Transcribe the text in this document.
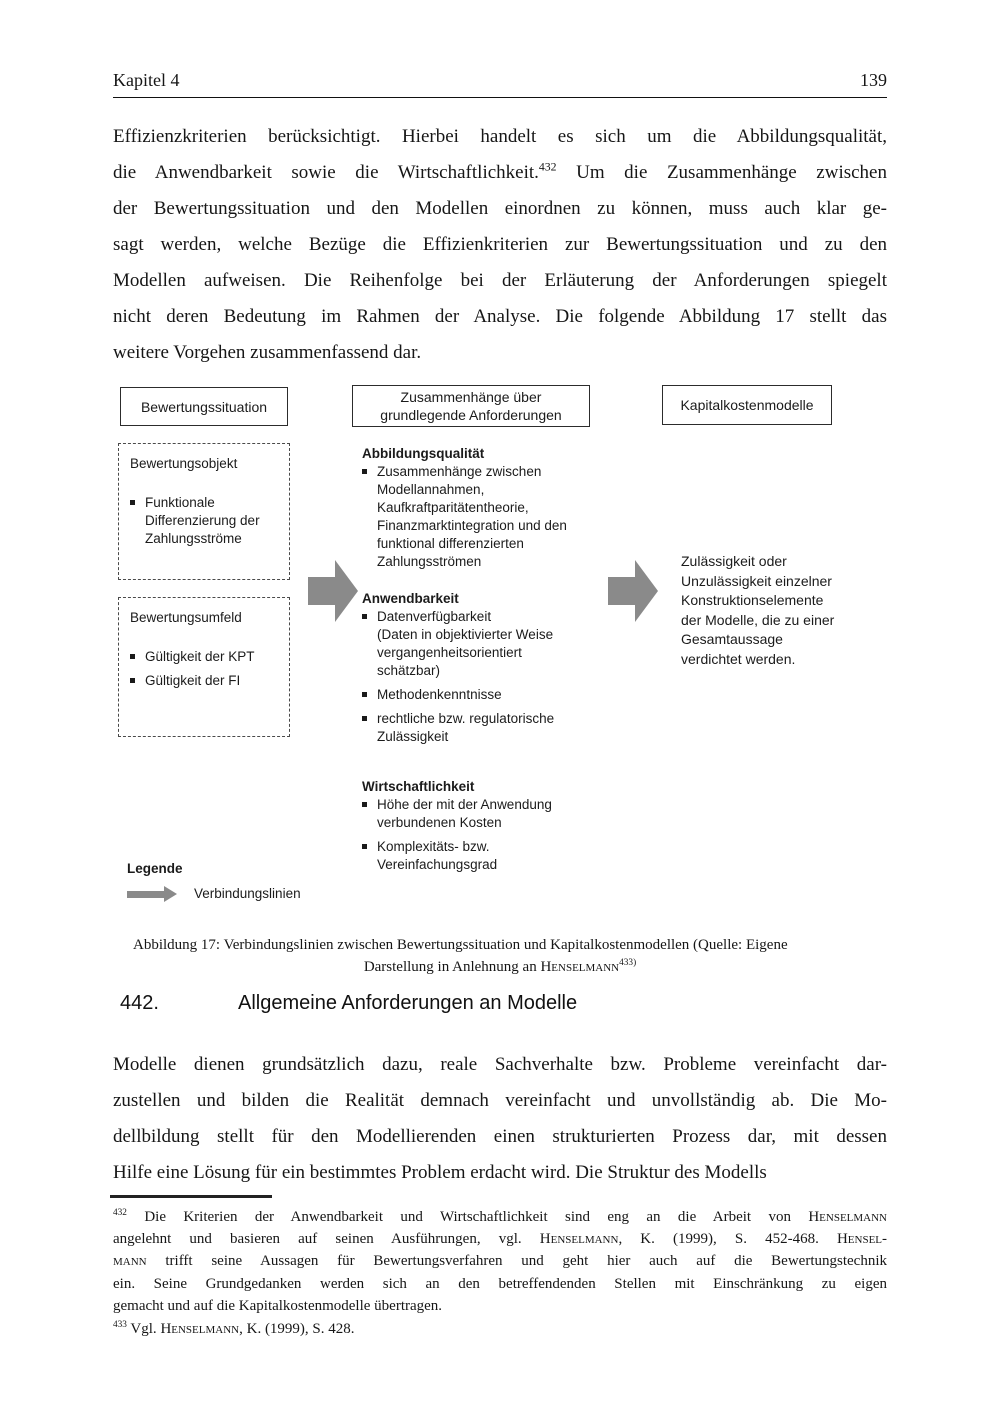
Kapitel 4	139
Effizienzkriterien berücksichtigt. Hierbei handelt es sich um die Abbildungsqualität,
die Anwendbarkeit sowie die Wirtschaftlichkeit.$^{432}$ Um die Zusammenhänge zwischen
der Bewertungssituation und den Modellen einordnen zu können, muss auch klar ge-
sagt werden, welche Bezüge die Effizienkriterien zur Bewertungssituation und zu den
Modellen aufweisen. Die Reihenfolge bei der Erläuterung der Anforderungen spiegelt
nicht deren Bedeutung im Rahmen der Analyse. Die folgende Abbildung 17 stellt das
weitere Vorgehen zusammenfassend dar.
Bewertungssituation
Zusammenhänge über
grundlegende Anforderungen
Kapitalkostenmodelle
Bewertungsobjekt
Funktionale
Differenzierung der
Zahlungsströme
Bewertungsumfeld
Gültigkeit der KPT
Gültigkeit der FI
Abbildungsqualität
Zusammenhänge zwischen
Modellannahmen,
Kaufkraftparitätentheorie,
Finanzmarktintegration und den
funktional differenzierten
Zahlungsströmen
Anwendbarkeit
Datenverfügbarkeit
(Daten in objektivierter Weise
vergangenheitsorientiert
schätzbar)
Methodenkenntnisse
rechtliche bzw. regulatorische
Zulässigkeit
Wirtschaftlichkeit
Höhe der mit der Anwendung
verbundenen Kosten
Komplexitäts- bzw.
Vereinfachungsgrad
Zulässigkeit oder
Unzulässigkeit einzelner
Konstruktionselemente
der Modelle, die zu einer
Gesamtaussage
verdichtet werden.
Legende
Verbindungslinien
Abbildung 17: Verbindungslinien zwischen Bewertungssituation und Kapitalkostenmodellen (Quelle: Eigene
Darstellung in Anlehnung an Henselmann$^{433)}$
442.	Allgemeine Anforderungen an Modelle
Modelle dienen grundsätzlich dazu, reale Sachverhalte bzw. Probleme vereinfacht dar-
zustellen und bilden die Realität demnach vereinfacht und unvollständig ab. Die Mo-
dellbildung stellt für den Modellierenden einen strukturierten Prozess dar, mit dessen
Hilfe eine Lösung für ein bestimmtes Problem erdacht wird. Die Struktur des Modells
$^{432}$ Die Kriterien der Anwendbarkeit und Wirtschaftlichkeit sind eng an die Arbeit von Henselmann
angelehnt und basieren auf seinen Ausführungen, vgl. Henselmann, K. (1999), S. 452-468. Hensel-
mann trifft seine Aussagen für Bewertungsverfahren und geht hier auch auf die Bewertungstechnik
ein. Seine Grundgedanken werden sich an den betreffendenden Stellen mit Einschränkung zu eigen
gemacht und auf die Kapitalkostenmodelle übertragen.
$^{433}$ Vgl. Henselmann, K. (1999), S. 428.
